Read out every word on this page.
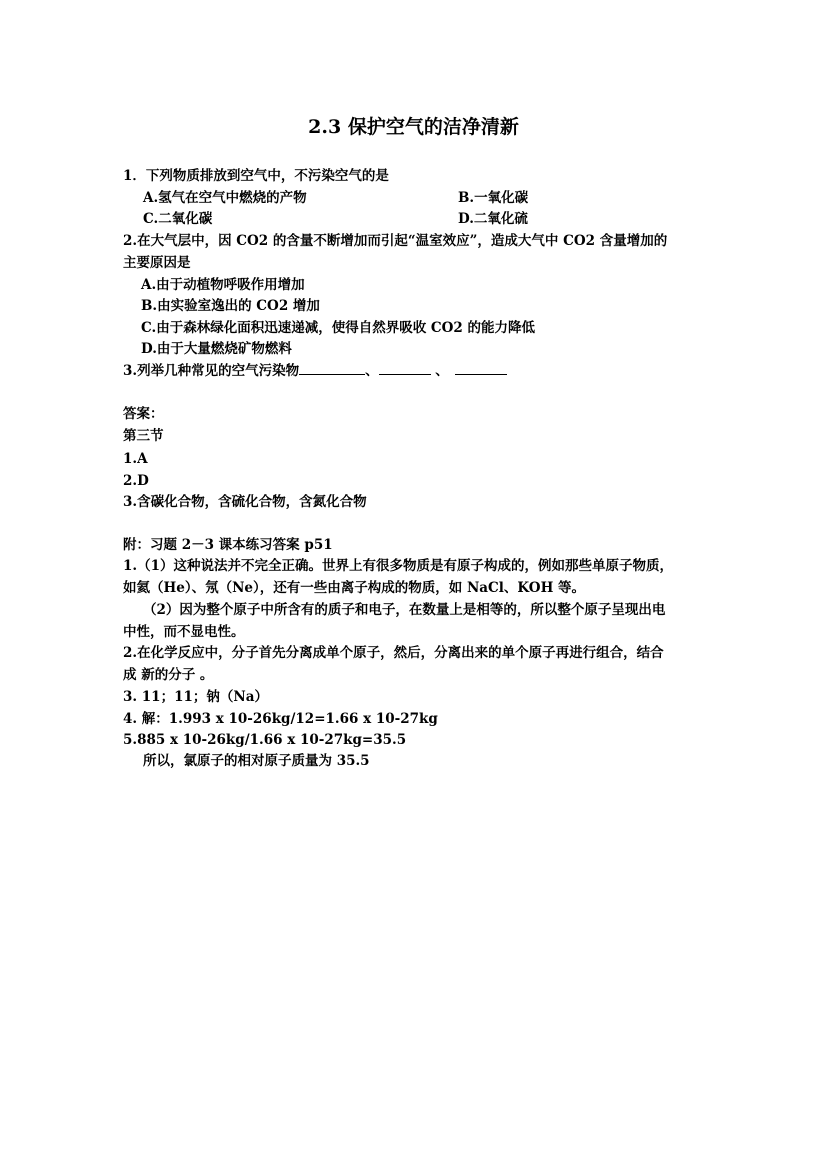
2.3 保护空气的洁净清新
1．下列物质排放到空气中，不污染空气的是
A.氢气在空气中燃烧的产物	B.一氧化碳
C.二氧化碳	D.二氧化硫
2.在大气层中，因 CO2 的含量不断增加而引起“温室效应”，造成大气中 CO2 含量增加的
主要原因是
A.由于动植物呼吸作用增加
B.由实验室逸出的 CO2 增加
C.由于森林绿化面积迅速递减，使得自然界吸收 CO2 的能力降低
D.由于大量燃烧矿物燃料
3.列举几种常见的空气污染物	、	、
答案：
第三节
1.A
2.D
3.含碳化合物，含硫化合物，含氮化合物
附：习题 2－3 课本练习答案 p51
1.（1）这种说法并不完全正确。世界上有很多物质是有原子构成的，例如那些单原子物质，
如氦（He）、氖（Ne），还有一些由离子构成的物质，如 NaCl、KOH 等。
（2）因为整个原子中所含有的质子和电子，在数量上是相等的，所以整个原子呈现出电
中性，而不显电性。
2.在化学反应中，分子首先分离成单个原子，然后，分离出来的单个原子再进行组合，结合
成 新的分子 。
3. 11；11；钠（Na）
4. 解：1.993 x 10-26kg/12=1.66 x 10-27kg
5.885 x 10-26kg/1.66 x 10-27kg=35.5
所以，氯原子的相对原子质量为 35.5
